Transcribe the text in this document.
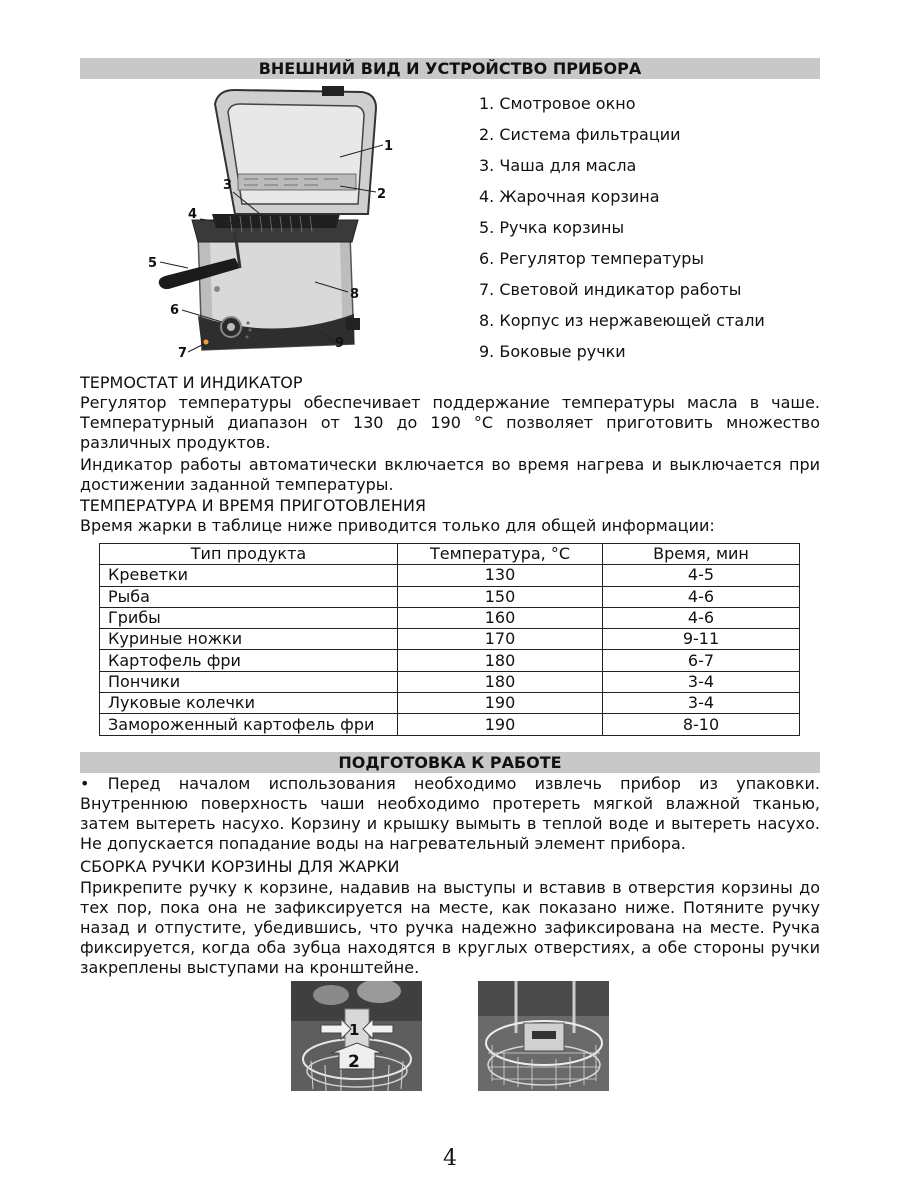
ВНЕШНИЙ ВИД И УСТРОЙСТВО ПРИБОРА
1
2
3
4
5
8
6
7
9
1. Смотровое окно
2. Система фильтрации
3. Чаша для масла
4. Жарочная корзина
5. Ручка корзины
6. Регулятор температуры
7. Световой индикатор работы
8. Корпус из нержавеющей стали
9. Боковые ручки
ТЕРМОСТАТ И ИНДИКАТОР
Регулятор температуры обеспечивает поддержание температуры масла в чаше. Температурный диапазон от 130 до 190 °С позволяет приготовить множество различных продуктов.
Индикатор работы автоматически включается во время нагрева и выключается при достижении заданной температуры.
ТЕМПЕРАТУРА И ВРЕМЯ ПРИГОТОВЛЕНИЯ
Время жарки в таблице ниже приводится только для общей информации:
Тип продукта	Температура, °С	Время, мин
Креветки	130	4-5
Рыба	150	4-6
Грибы	160	4-6
Куриные ножки	170	9-11
Картофель фри	180	6-7
Пончики	180	3-4
Луковые колечки	190	3-4
Замороженный картофель фри	190	8-10
ПОДГОТОВКА К РАБОТЕ
• Перед началом использования необходимо извлечь прибор из упаковки. Внутреннюю поверхность чаши необходимо протереть мягкой влажной тканью, затем вытереть насухо. Корзину и крышку вымыть в теплой воде и вытереть насухо. Не допускается попадание воды на нагревательный элемент прибора.
СБОРКА РУЧКИ КОРЗИНЫ ДЛЯ ЖАРКИ
Прикрепите ручку к корзине, надавив на выступы и вставив в отверстия корзины до тех пор, пока она не зафиксируется на месте, как показано ниже. Потяните ручку назад и отпустите, убедившись, что ручка надежно зафиксирована на месте. Ручка фиксируется, когда оба зубца находятся в круглых отверстиях, а обе стороны ручки закреплены выступами на кронштейне.
1
2
4
